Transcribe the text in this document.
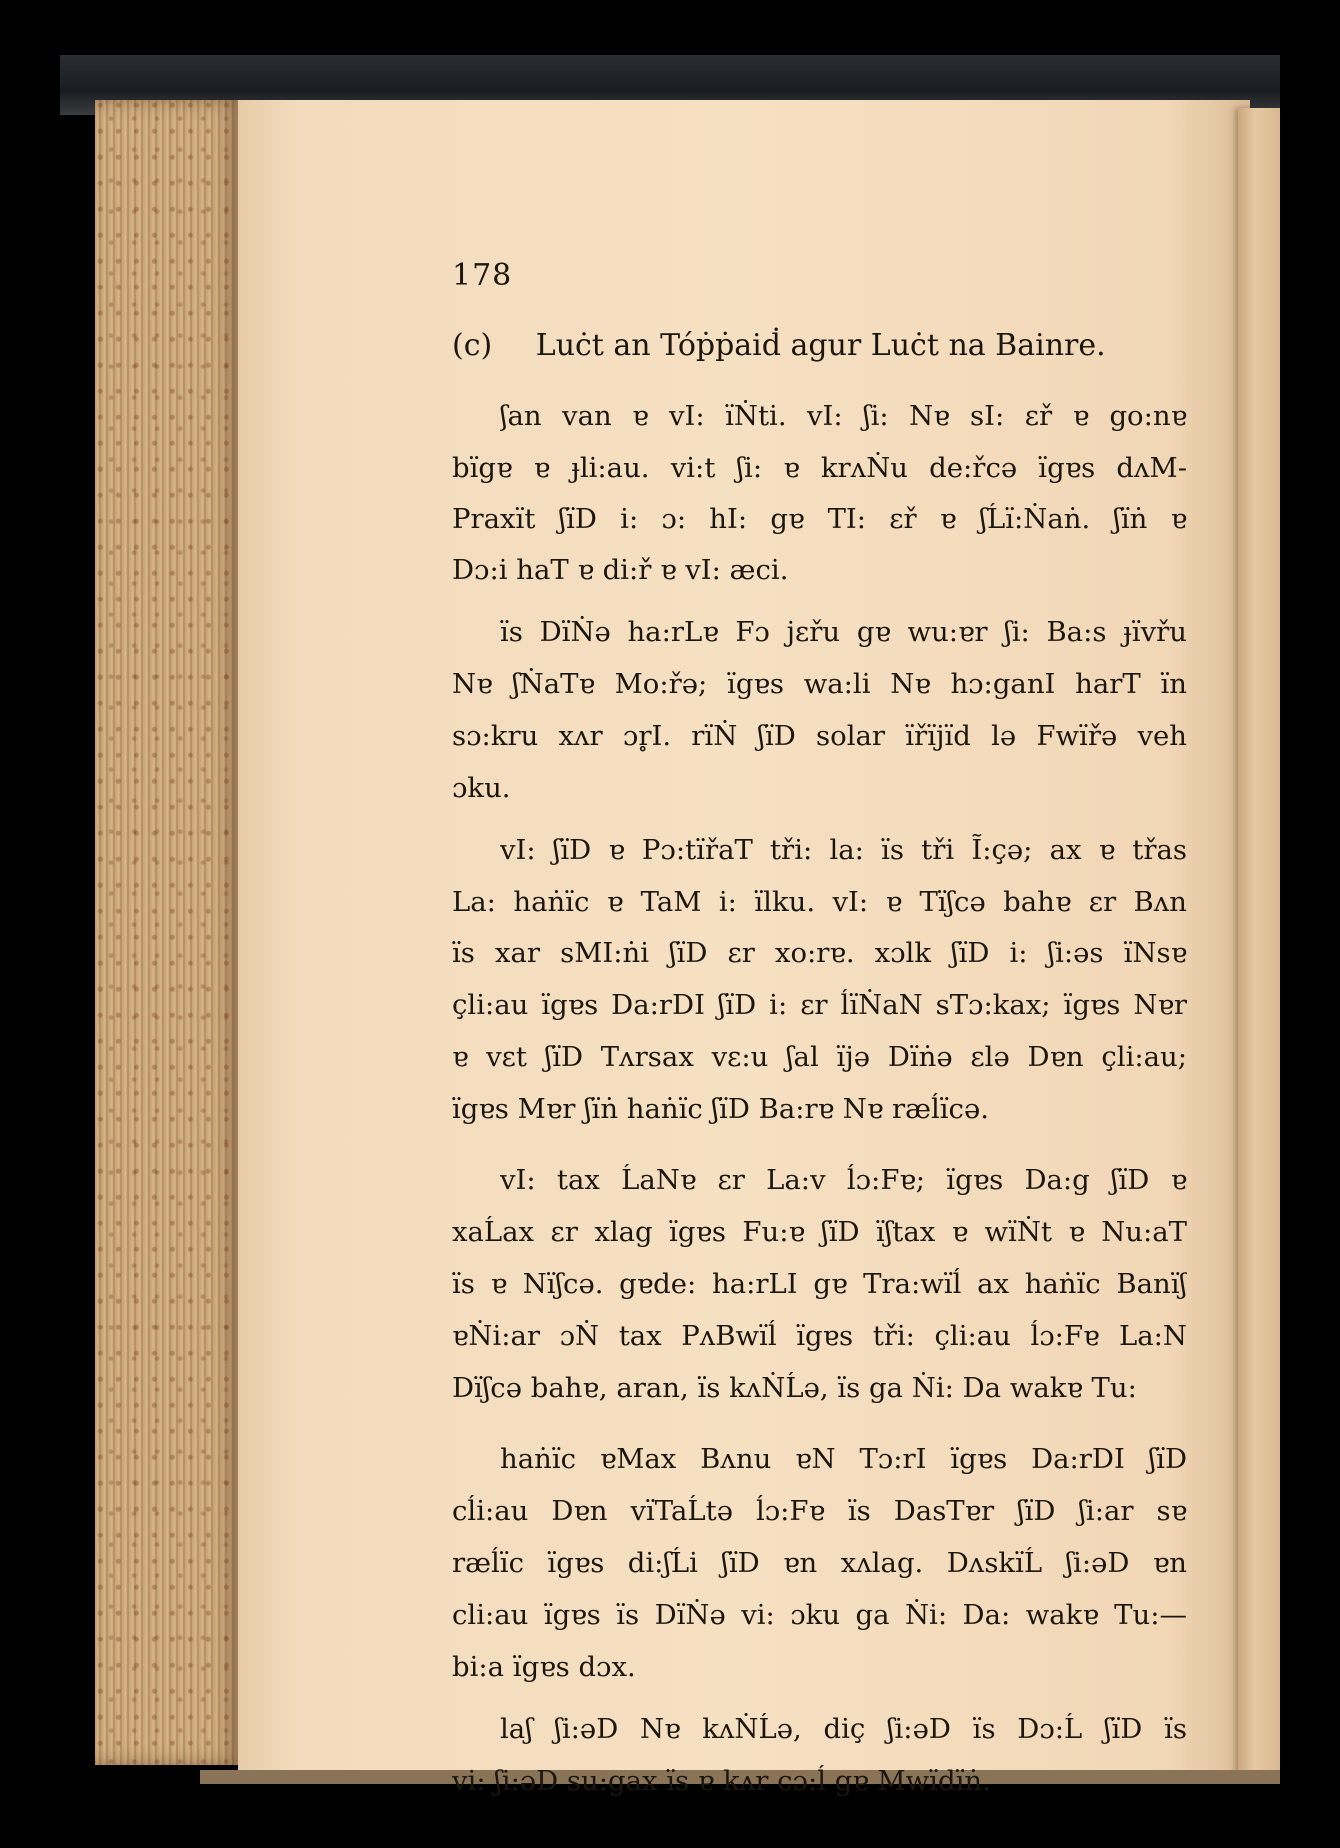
178
(c) Luċt an Tóṗṗaiḋ agur Luċt na Bainre.
ʃan van ɐ vI: ïṄti. vI: ʃi: Nɐ sI: ɛř ɐ go:nɐ
bïgɐ ɐ ɟli:au. vi:t ʃi: ɐ krʌṄu de:řcə ïgɐs dʌM-
Praxït ʃïD i: ɔ: hI: gɐ TI: ɛř ɐ ʃĹï:Ṅaṅ. ʃïṅ ɐ
Dɔ:i haT ɐ di:ř ɐ vI: æci.
ïs DïṄə ha:rLɐ Fɔ jɛřu gɐ wu:ɐr ʃi: Ba:s ɟïvřu
Nɐ ʃṄaTɐ Mo:řə; ïgɐs wa:li Nɐ hɔ:ganI harT ïn
sɔ:kru xʌr ɔr̥I. rïṄ ʃïD solar ïřïjïd lə Fwïřə veh
ɔku.
vI: ʃïD ɐ Pɔ:tïřaT tři: la: ïs tři Ĩ:çə; ax ɐ třas
La: haṅïc ɐ TaM i: ïlku. vI: ɐ Tïʃcə bahɐ ɛr Bʌn
ïs xar sMI:ṅi ʃïD ɛr xo:rɐ. xɔlk ʃïD i: ʃi:əs ïNsɐ
çli:au ïgɐs Da:rDI ʃïD i: ɛr ĺïṄaN sTɔ:kax; ïgɐs Nɐr
ɐ vɛt ʃïD Tʌrsax vɛ:u ʃal ïjə Dïṅə ɛlə Dɐn çli:au;
ïgɐs Mɐr ʃïṅ haṅïc ʃïD Ba:rɐ Nɐ ræĺïcə.
vI: tax ĹaNɐ ɛr La:v ĺɔ:Fɐ; ïgɐs Da:g ʃïD ɐ
xaĹax ɛr xlag ïgɐs Fu:ɐ ʃïD ïʃtax ɐ wïṄt ɐ Nu:aT
ïs ɐ Nïʃcə. gɐde: ha:rLI gɐ Tra:wïĺ ax haṅïc Banïʃ
ɐṄi:ar ɔṄ tax PʌBwïĺ ïgɐs tři: çli:au ĺɔ:Fɐ La:N
Dïʃcə bahɐ, aran, ïs kʌṄĹə, ïs ga Ṅi: Da wakɐ Tu:
haṅïc ɐMax Bʌnu ɐN Tɔ:rI ïgɐs Da:rDI ʃïD
cĺi:au Dɐn vïTaĹtə ĺɔ:Fɐ ïs DasTɐr ʃïD ʃi:ar sɐ
ræĺïc ïgɐs di:ʃĹi ʃïD ɐn xʌlag. DʌskïĹ ʃi:əD ɐn
cli:au ïgɐs ïs DïṄə vi: ɔku ga Ṅi: Da: wakɐ Tu:—
bi:a ïgɐs dɔx.
laʃ ʃi:əD Nɐ kʌṄĹə, diç ʃi:əD ïs Dɔ:Ĺ ʃïD ïs
vi: ʃi:əD su:gax ïs ɐ kʌr cɔ:ĺ gɐ Mwïdïṅ.
